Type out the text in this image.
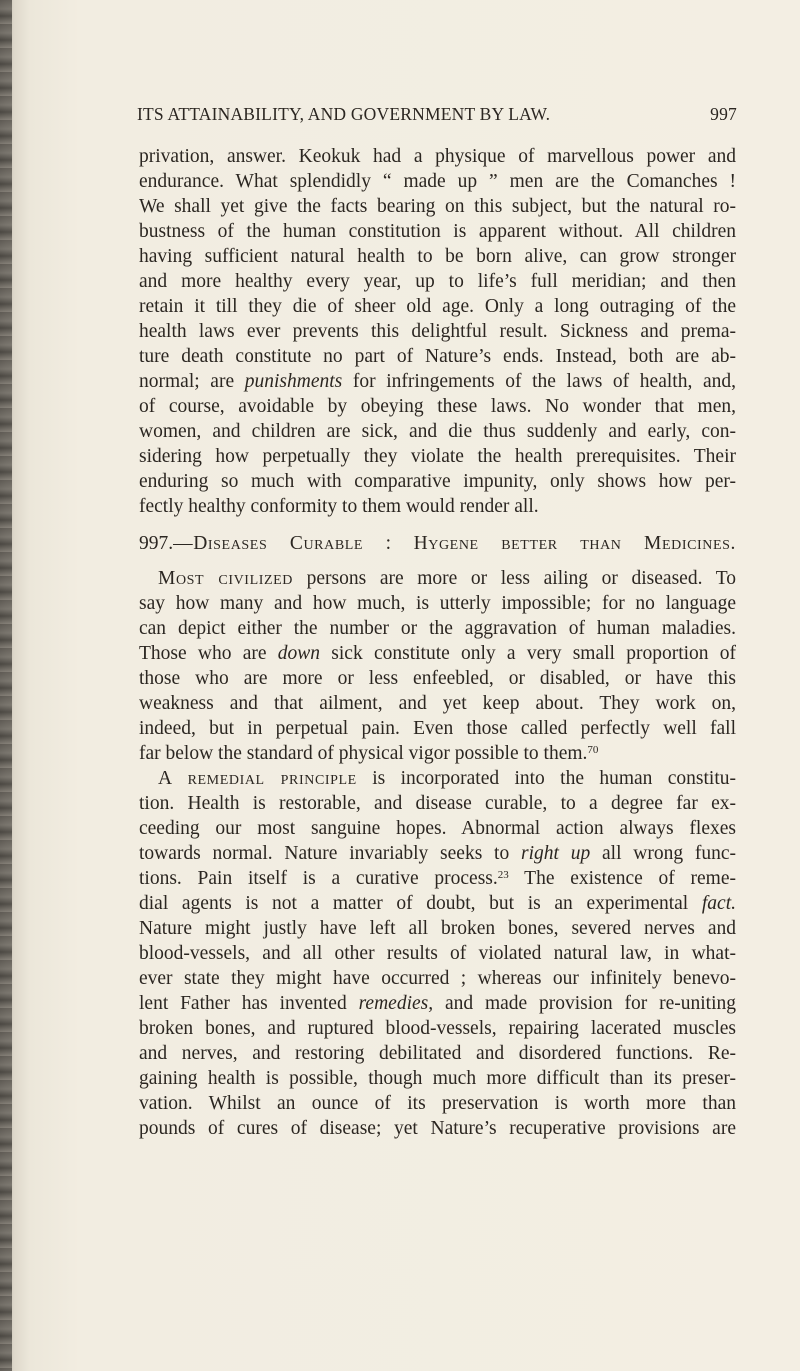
ITS ATTAINABILITY, AND GOVERNMENT BY LAW.	997
privation, answer. Keokuk had a physique of marvellous power and
endurance. What splendidly “ made up ” men are the Comanches !
We shall yet give the facts bearing on this subject, but the natural ro-
bustness of the human constitution is apparent without. All children
having sufficient natural health to be born alive, can grow stronger
and more healthy every year, up to life’s full meridian; and then
retain it till they die of sheer old age. Only a long outraging of the
health laws ever prevents this delightful result. Sickness and prema-
ture death constitute no part of Nature’s ends. Instead, both are ab-
normal; are punishments for infringements of the laws of health, and,
of course, avoidable by obeying these laws. No wonder that men,
women, and children are sick, and die thus suddenly and early, con-
sidering how perpetually they violate the health prerequisites. Their
enduring so much with comparative impunity, only shows how per-
fectly healthy conformity to them would render all.
997.—Diseases Curable : Hygene better than Medicines.
Most civilized persons are more or less ailing or diseased. To
say how many and how much, is utterly impossible; for no language
can depict either the number or the aggravation of human maladies.
Those who are down sick constitute only a very small proportion of
those who are more or less enfeebled, or disabled, or have this
weakness and that ailment, and yet keep about. They work on,
indeed, but in perpetual pain. Even those called perfectly well fall
far below the standard of physical vigor possible to them.$^{70}$
A remedial principle is incorporated into the human constitu-
tion. Health is restorable, and disease curable, to a degree far ex-
ceeding our most sanguine hopes. Abnormal action always flexes
towards normal. Nature invariably seeks to right up all wrong func-
tions. Pain itself is a curative process.$^{23}$ The existence of reme-
dial agents is not a matter of doubt, but is an experimental fact.
Nature might justly have left all broken bones, severed nerves and
blood-vessels, and all other results of violated natural law, in what-
ever state they might have occurred ; whereas our infinitely benevo-
lent Father has invented remedies, and made provision for re-uniting
broken bones, and ruptured blood-vessels, repairing lacerated muscles
and nerves, and restoring debilitated and disordered functions. Re-
gaining health is possible, though much more difficult than its preser-
vation. Whilst an ounce of its preservation is worth more than
pounds of cures of disease; yet Nature’s recuperative provisions are
